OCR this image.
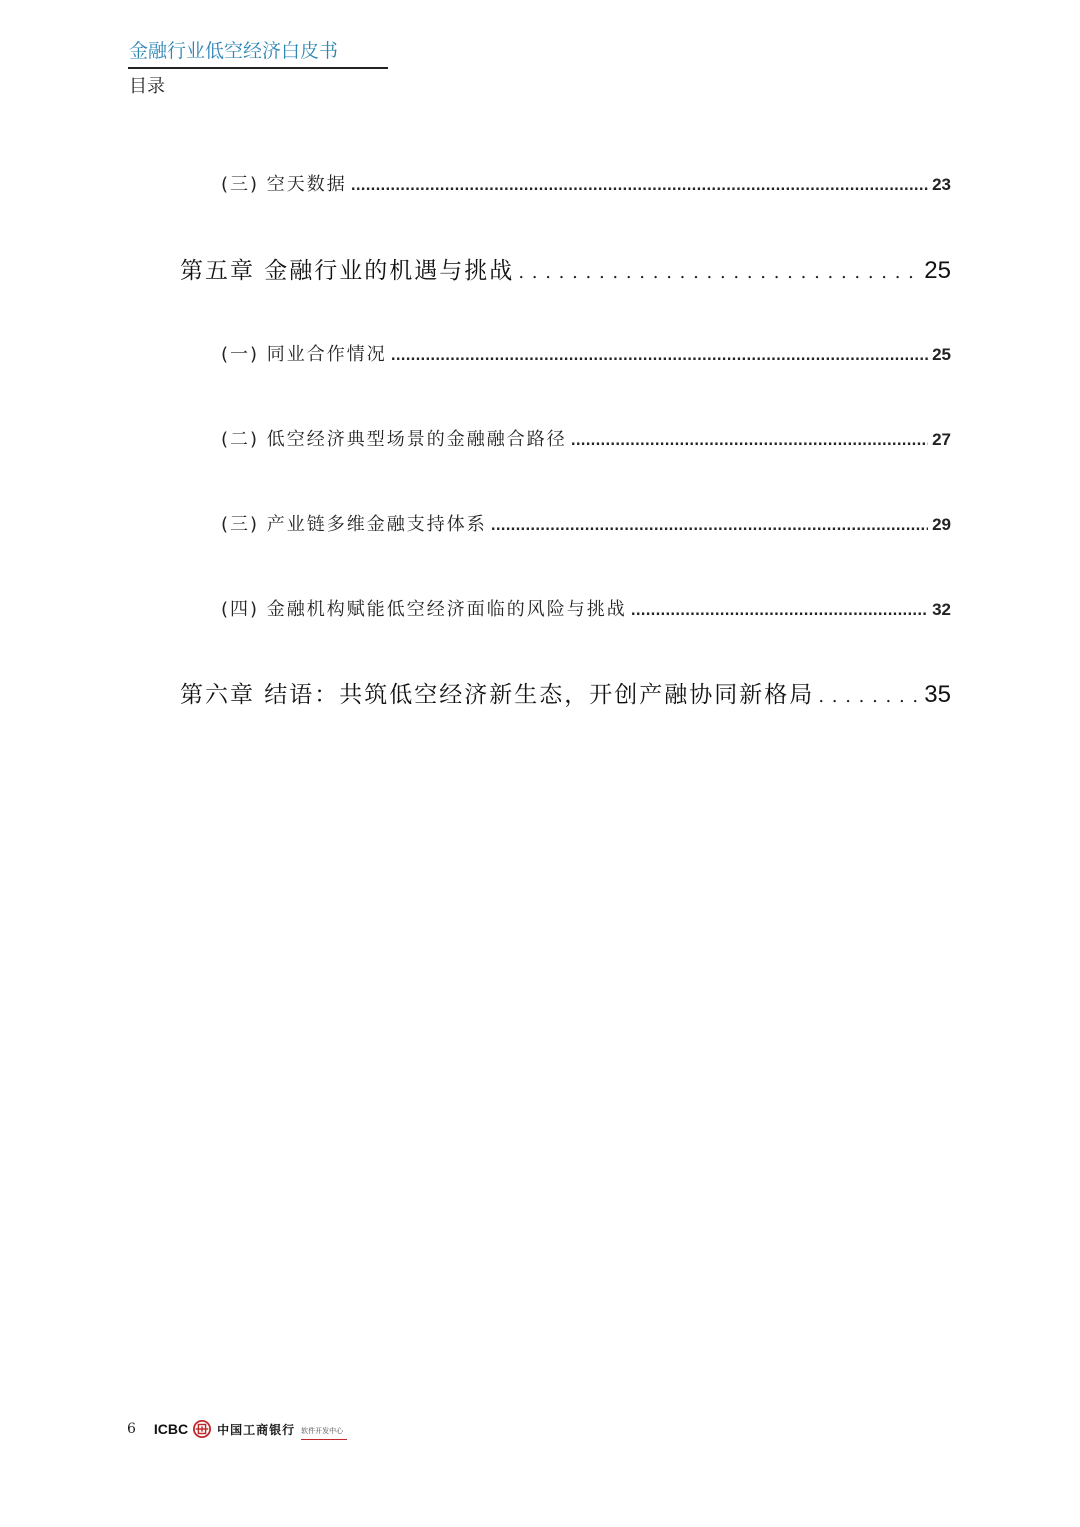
金融行业低空经济白皮书
目录
(三) 空天数据 .....	23
第五章 金融行业的机遇与挑战 . . .	25
(一) 同业合作情况 .....	25
(二) 低空经济典型场景的金融融合路径 .....	27
(三) 产业链多维金融支持体系 .....	29
(四) 金融机构赋能低空经济面临的风险与挑战 .....	32
第六章 结语：共筑低空经济新生态，开创产融协同新格局 . . .	35
6 ICBC 中国工商银行 软件开发中心
